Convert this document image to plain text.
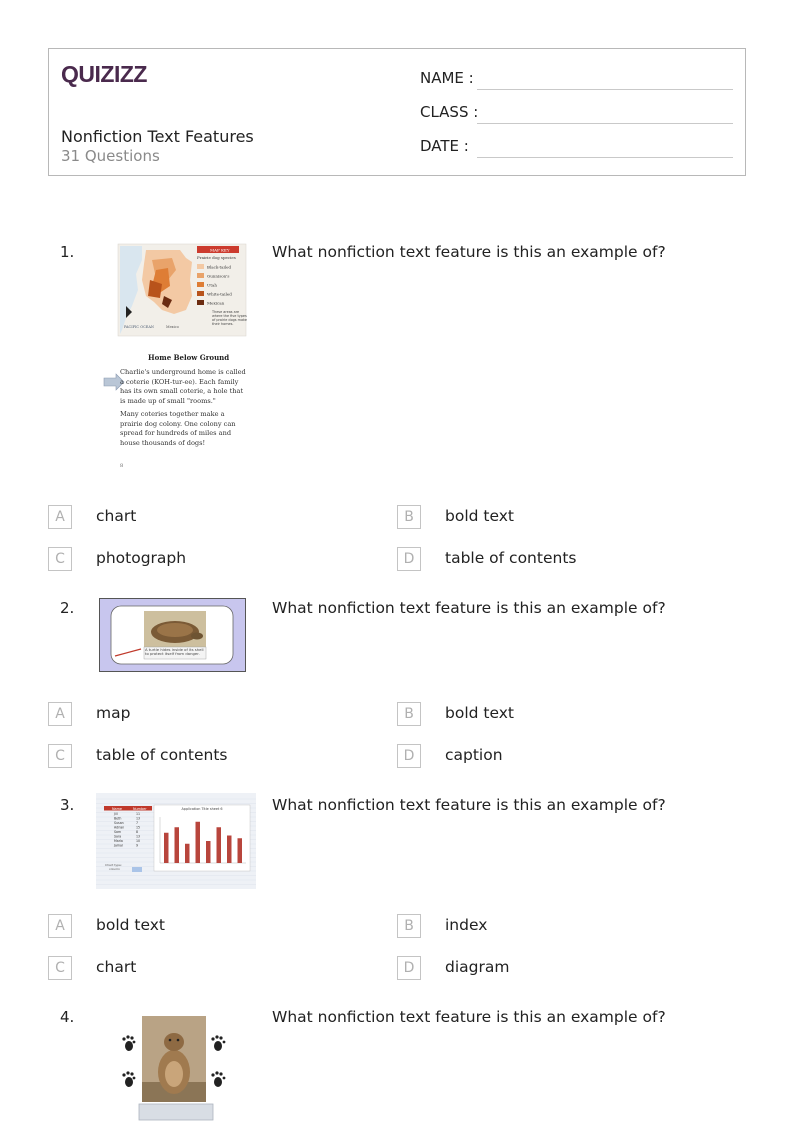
QUIZIZZ
Nonfiction Text Features
31 Questions
NAME :
CLASS :
DATE :
1.	What nonfiction text feature is this an example of?
PACIFIC OCEAN	Mexico
MAP KEY
Prairie dog species
Black-tailed
Gunnison's
Utah
White-tailed
Mexican
These areas are where the five types of prairie dogs make their homes.
Home Below Ground
Charlie's underground home is called a coterie (KOH-tur-ee). Each family has its own small coterie, a hole that is made up of small "rooms."
Many coteries together make a prairie dog colony. One colony can spread for hundreds of miles and house thousands of dogs!
8
A	chart	B	bold text
C	photograph	D	table of contents
2.	What nonfiction text feature is this an example of?
A turtle hides inside of its shell to protect itself from danger.
A	map	B	bold text
C	table of contents	D	caption
3.	What nonfiction text feature is this an example of?
Name	Number
Jill	11
Beth	13
Susan	7
Adrian	15
Sam	8
Sara	13
Marla	10
Jamal	9
Chart type:
column
Application Title sheet 6
A	bold text	B	index
C	chart	D	diagram
4.	What nonfiction text feature is this an example of?
